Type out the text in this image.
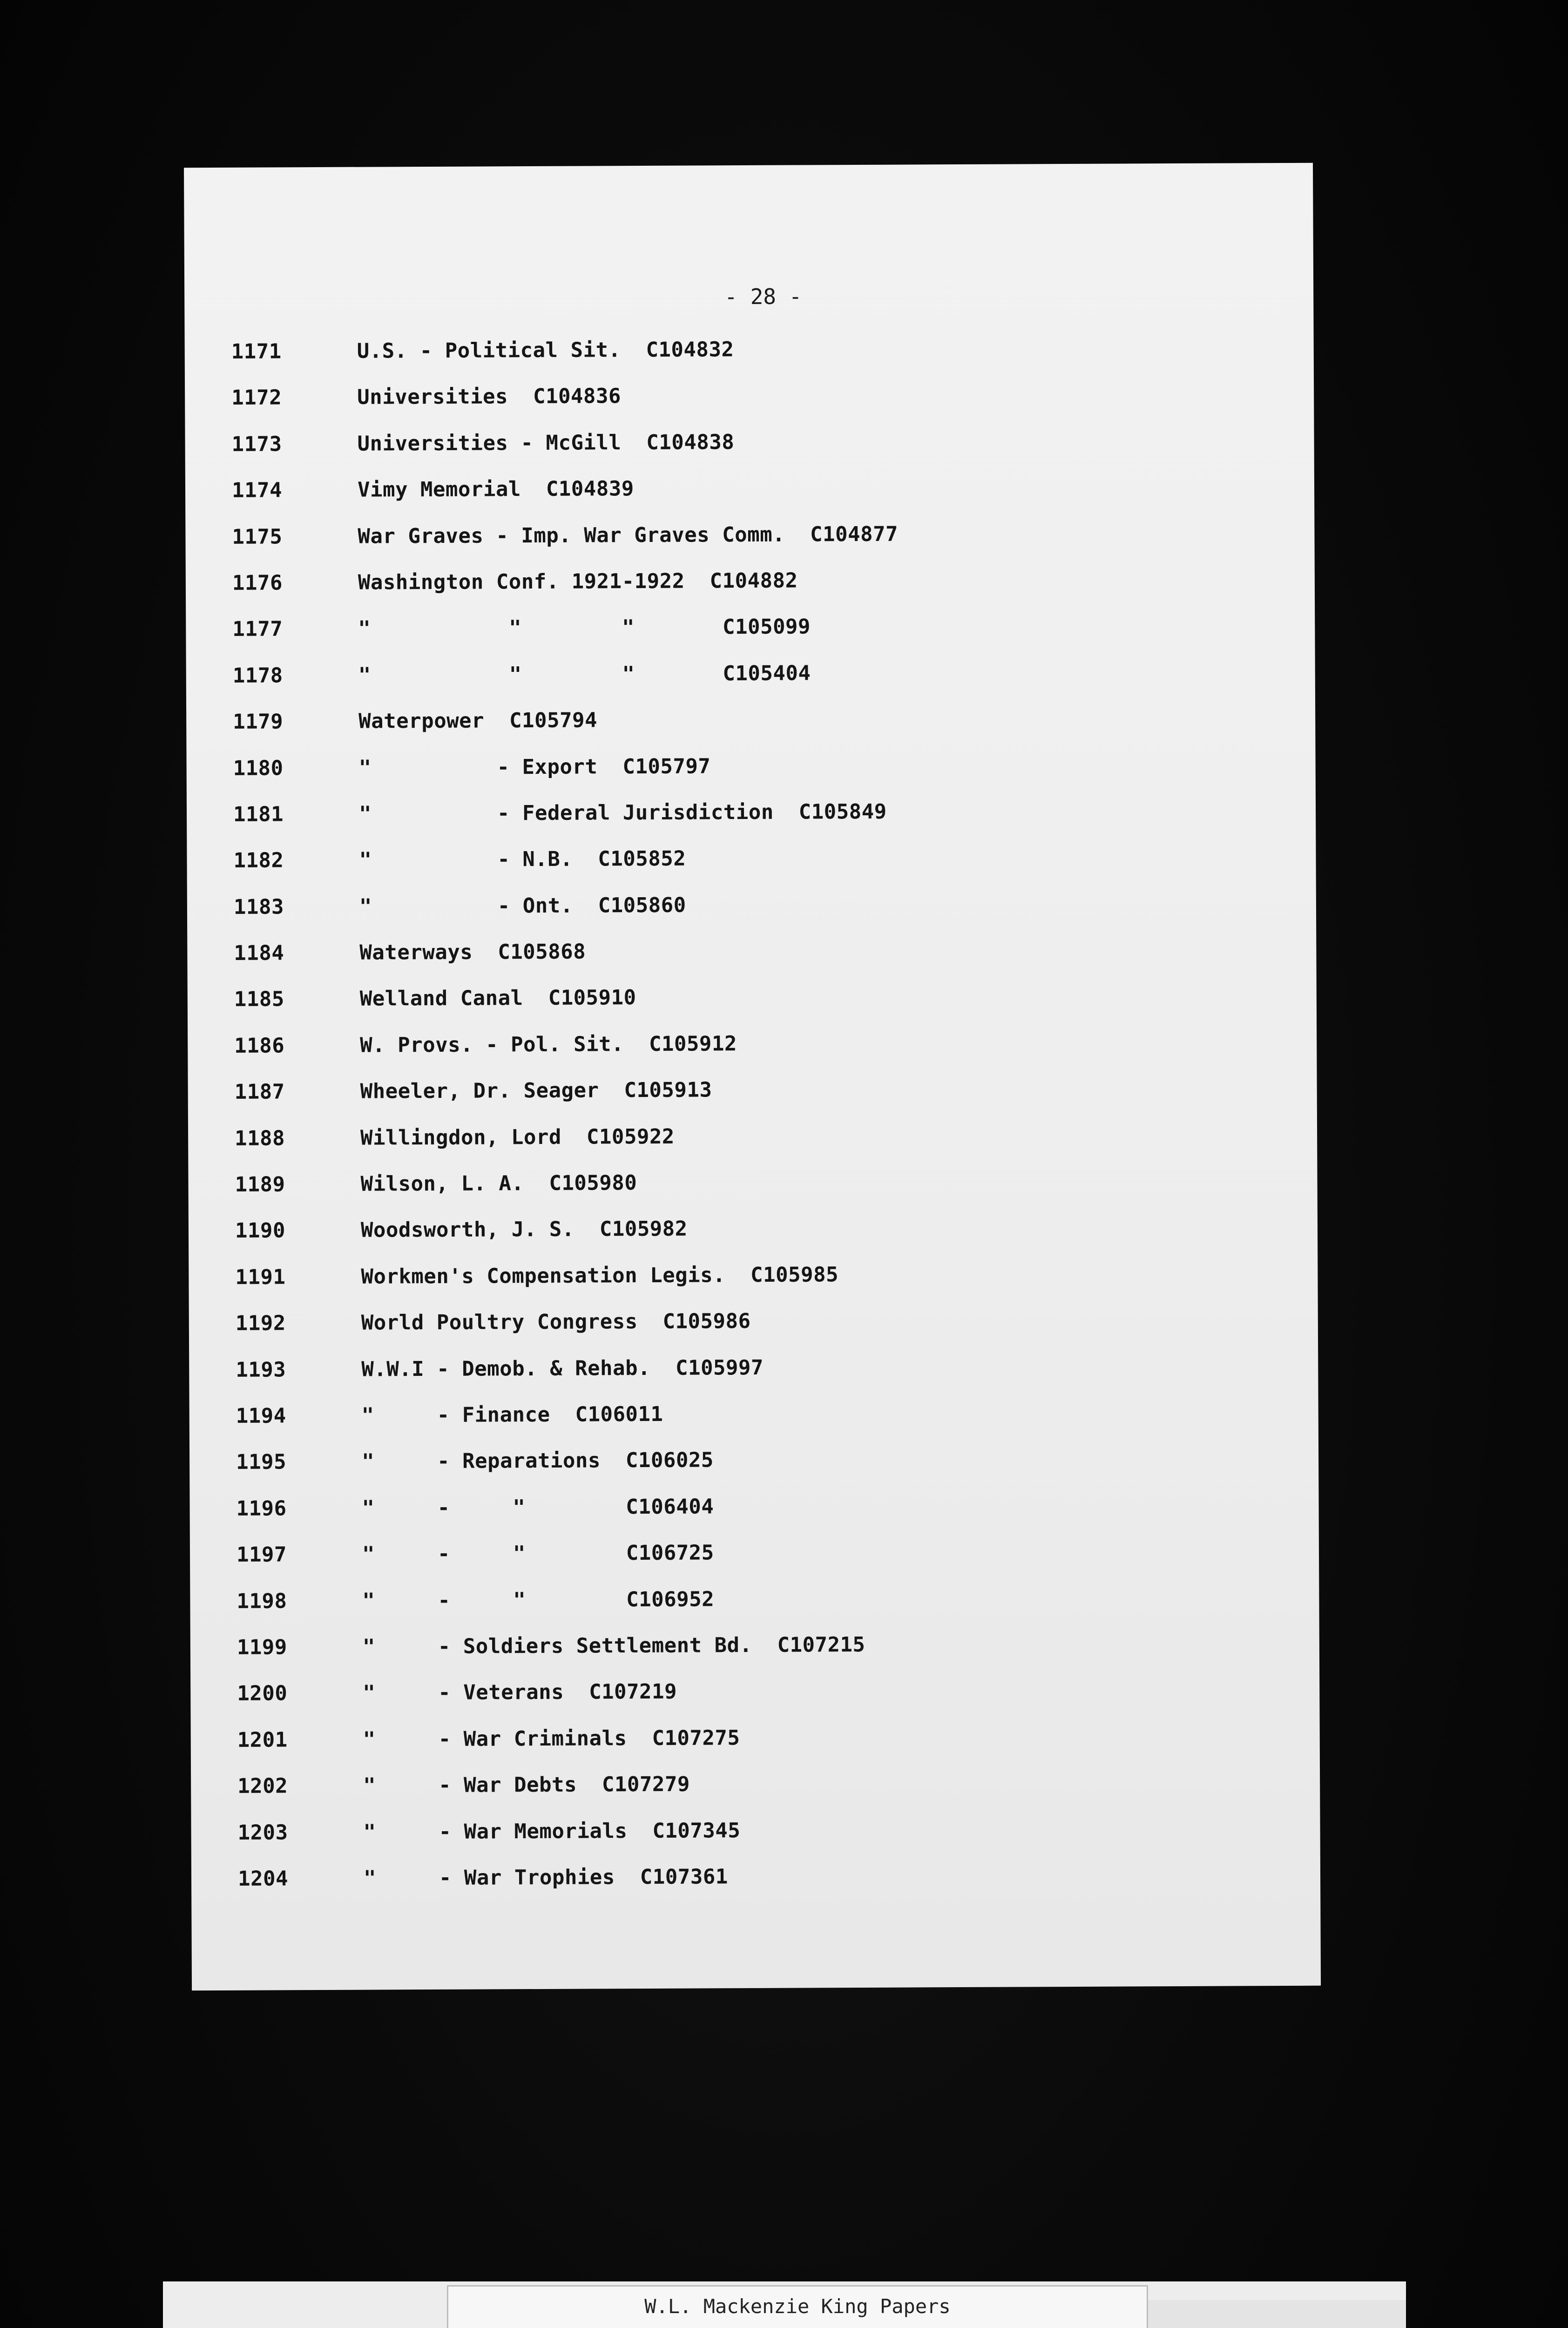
- 28 -
1171	U.S. - Political Sit.  C104832
1172	Universities  C104836
1173	Universities - McGill  C104838
1174	Vimy Memorial  C104839
1175	War Graves - Imp. War Graves Comm.  C104877
1176	Washington Conf. 1921-1922  C104882
1177	"           "        "       C105099
1178	"           "        "       C105404
1179	Waterpower  C105794
1180	"          - Export  C105797
1181	"          - Federal Jurisdiction  C105849
1182	"          - N.B.  C105852
1183	"          - Ont.  C105860
1184	Waterways  C105868
1185	Welland Canal  C105910
1186	W. Provs. - Pol. Sit.  C105912
1187	Wheeler, Dr. Seager  C105913
1188	Willingdon, Lord  C105922
1189	Wilson, L. A.  C105980
1190	Woodsworth, J. S.  C105982
1191	Workmen's Compensation Legis.  C105985
1192	World Poultry Congress  C105986
1193	W.W.I - Demob. & Rehab.  C105997
1194	"     - Finance  C106011
1195	"     - Reparations  C106025
1196	"     -     "        C106404
1197	"     -     "        C106725
1198	"     -     "        C106952
1199	"     - Soldiers Settlement Bd.  C107215
1200	"     - Veterans  C107219
1201	"     - War Criminals  C107275
1202	"     - War Debts  C107279
1203	"     - War Memorials  C107345
1204	"     - War Trophies  C107361
W.L. Mackenzie King Papers
